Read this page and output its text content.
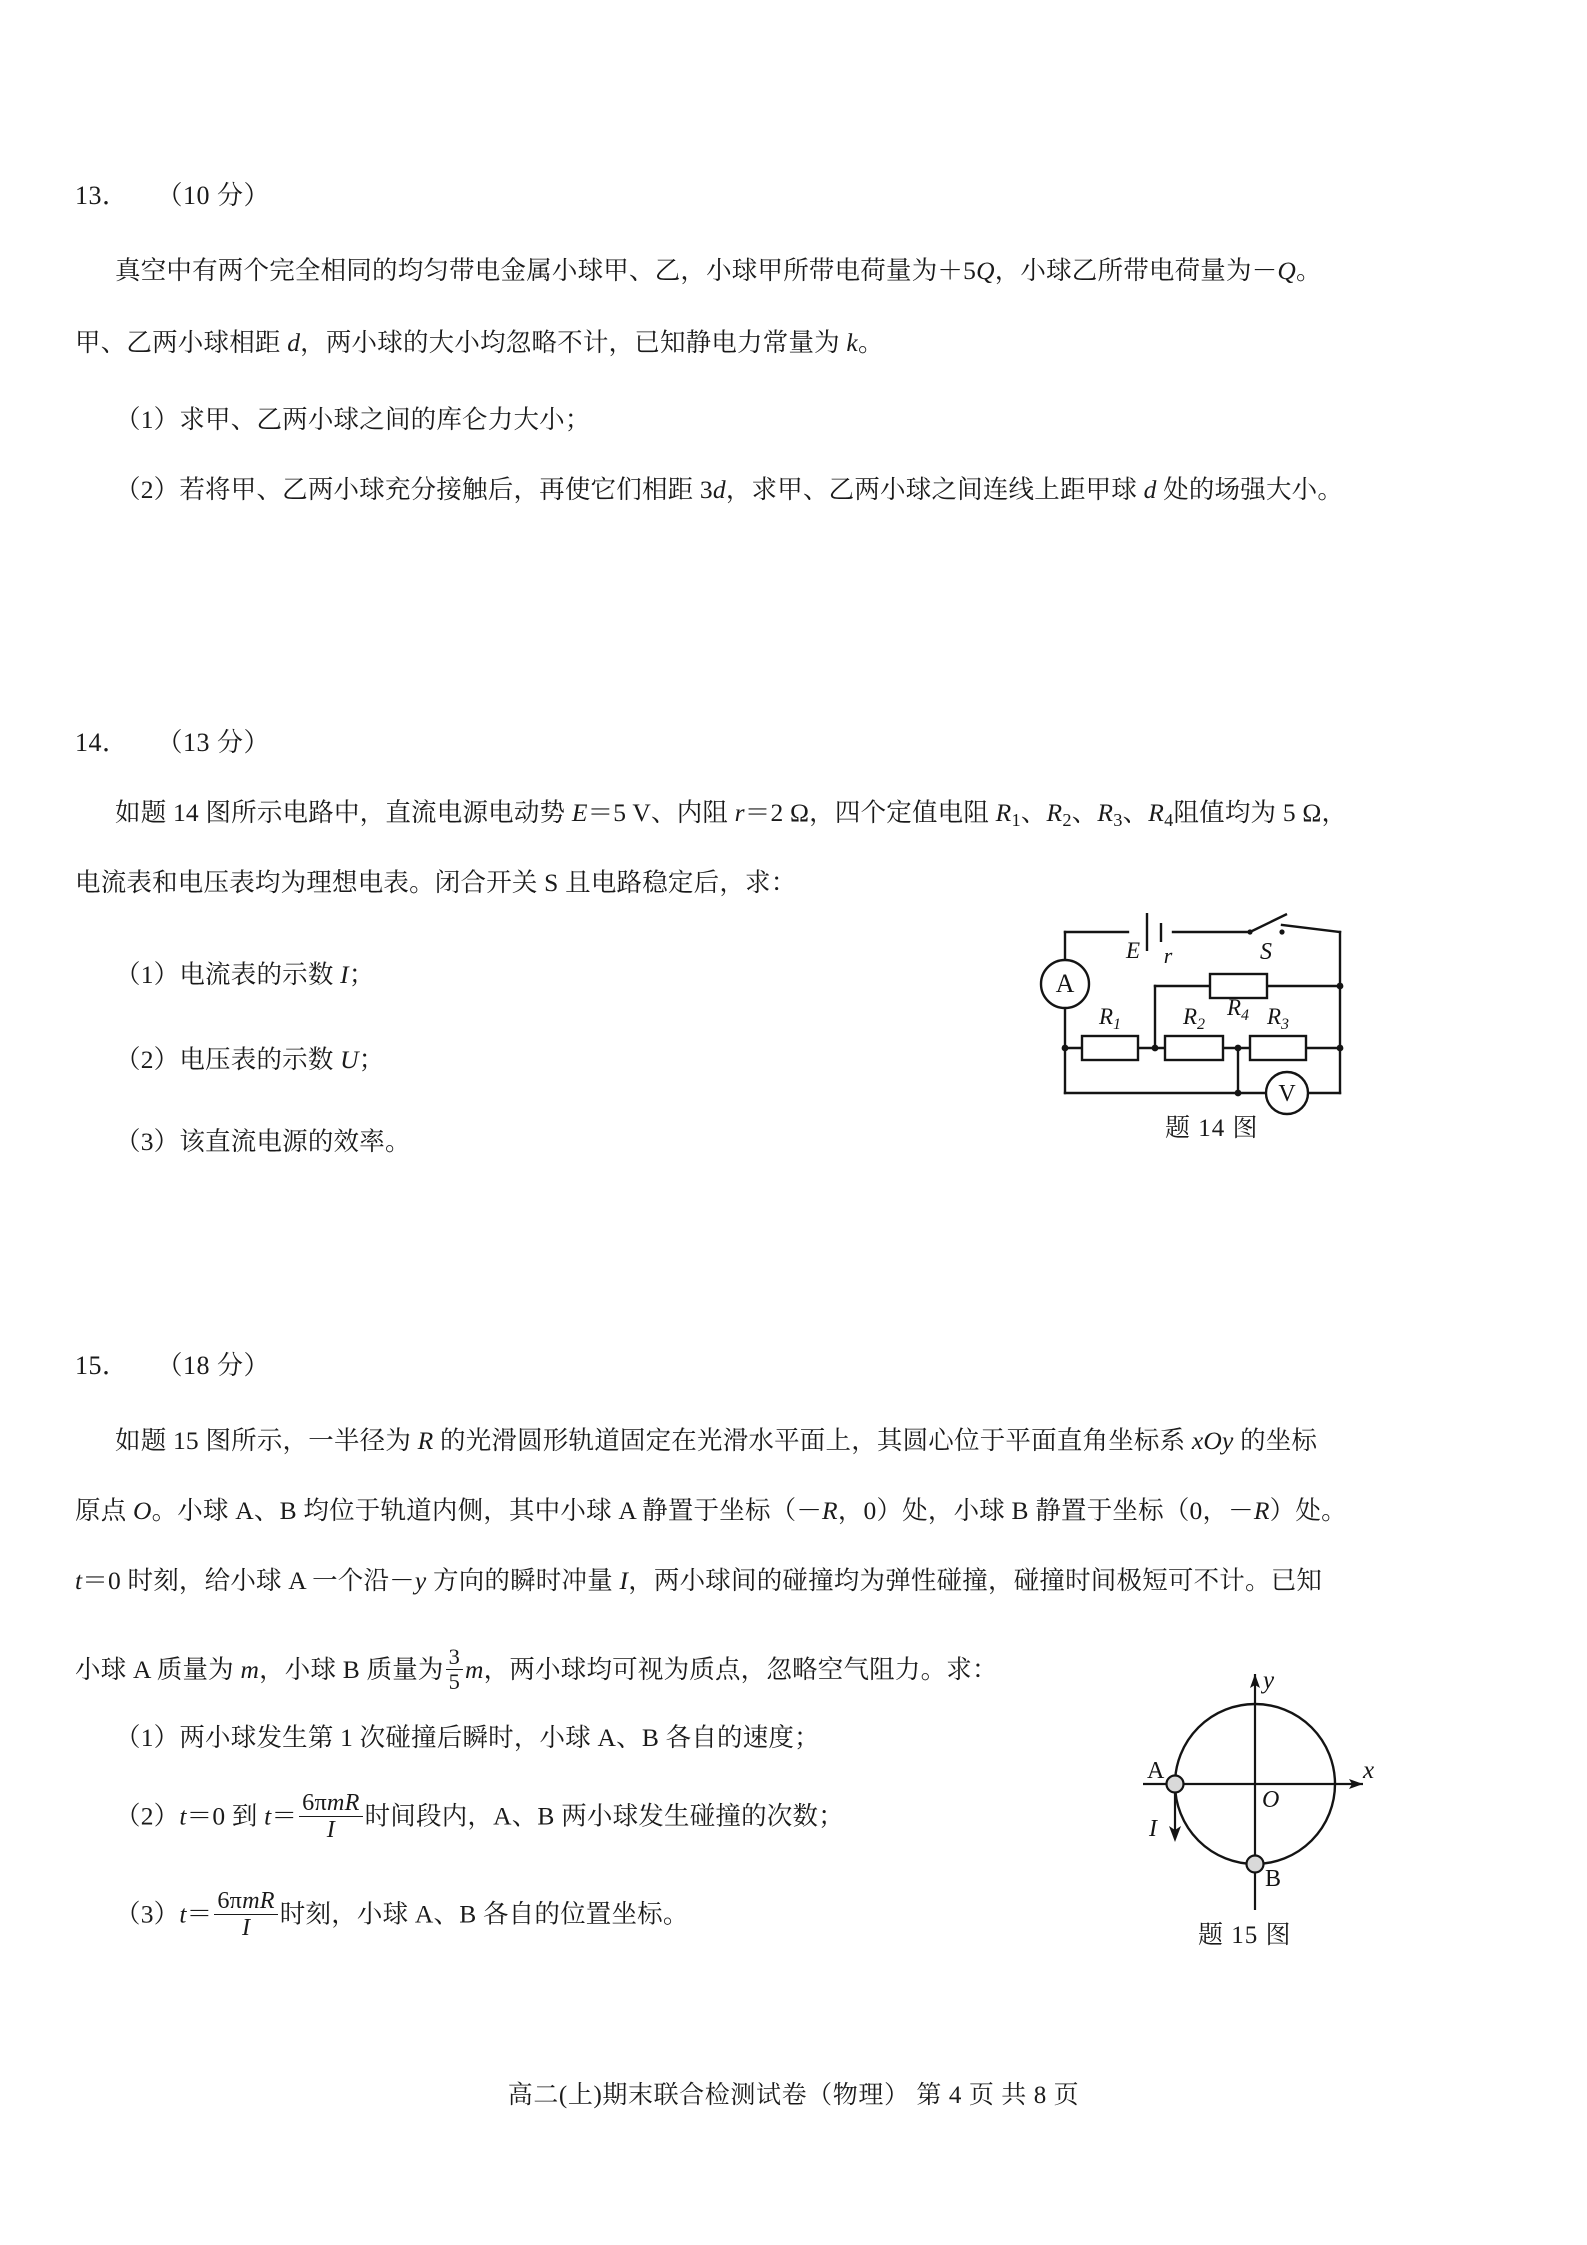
13． （10 分）
真空中有两个完全相同的均匀带电金属小球甲、乙，小球甲所带电荷量为＋5Q，小球乙所带电荷量为－Q。
甲、乙两小球相距 d，两小球的大小均忽略不计，已知静电力常量为 k。
（1）求甲、乙两小球之间的库仑力大小；
（2）若将甲、乙两小球充分接触后，再使它们相距 3d，求甲、乙两小球之间连线上距甲球 d 处的场强大小。
14． （13 分）
如题 14 图所示电路中，直流电源电动势 E＝5 V、内阻 r＝2 Ω，四个定值电阻 $R_1$、$R_2$、$R_3$、$R_4$阻值均为 5 Ω，
电流表和电压表均为理想电表。闭合开关 S 且电路稳定后，求：
（1）电流表的示数 I；
（2）电压表的示数 U；
（3）该直流电源的效率。
A
V
E r	S
$R_1$	$R_2$	$R_3$
$R_4$
题 14 图
15． （18 分）
如题 15 图所示，一半径为 R 的光滑圆形轨道固定在光滑水平面上，其圆心位于平面直角坐标系 xOy 的坐标
原点 O。小球 A、B 均位于轨道内侧，其中小球 A 静置于坐标（－R，0）处，小球 B 静置于坐标（0，－R）处。
t＝0 时刻，给小球 A 一个沿－y 方向的瞬时冲量 I，两小球间的碰撞均为弹性碰撞，碰撞时间极短可不计。已知
小球 A 质量为 m，小球 B 质量为 $\frac{3}{5}$ m，两小球均可视为质点，忽略空气阻力。求：
（1）两小球发生第 1 次碰撞后瞬时，小球 A、B 各自的速度；
（2）t＝0 到 $t= \frac{\text{6πmR}}{I}$ 时间段内，A、B 两小球发生碰撞的次数；
$(3)t= \frac{\text{6πmR}}{I}$ 时刻，小球 A、B 各自的位置坐标。
x
y
O
A
B
I
题 15 图
高二(上)期末联合检测试卷（物理） 第 4 页 共 8 页
